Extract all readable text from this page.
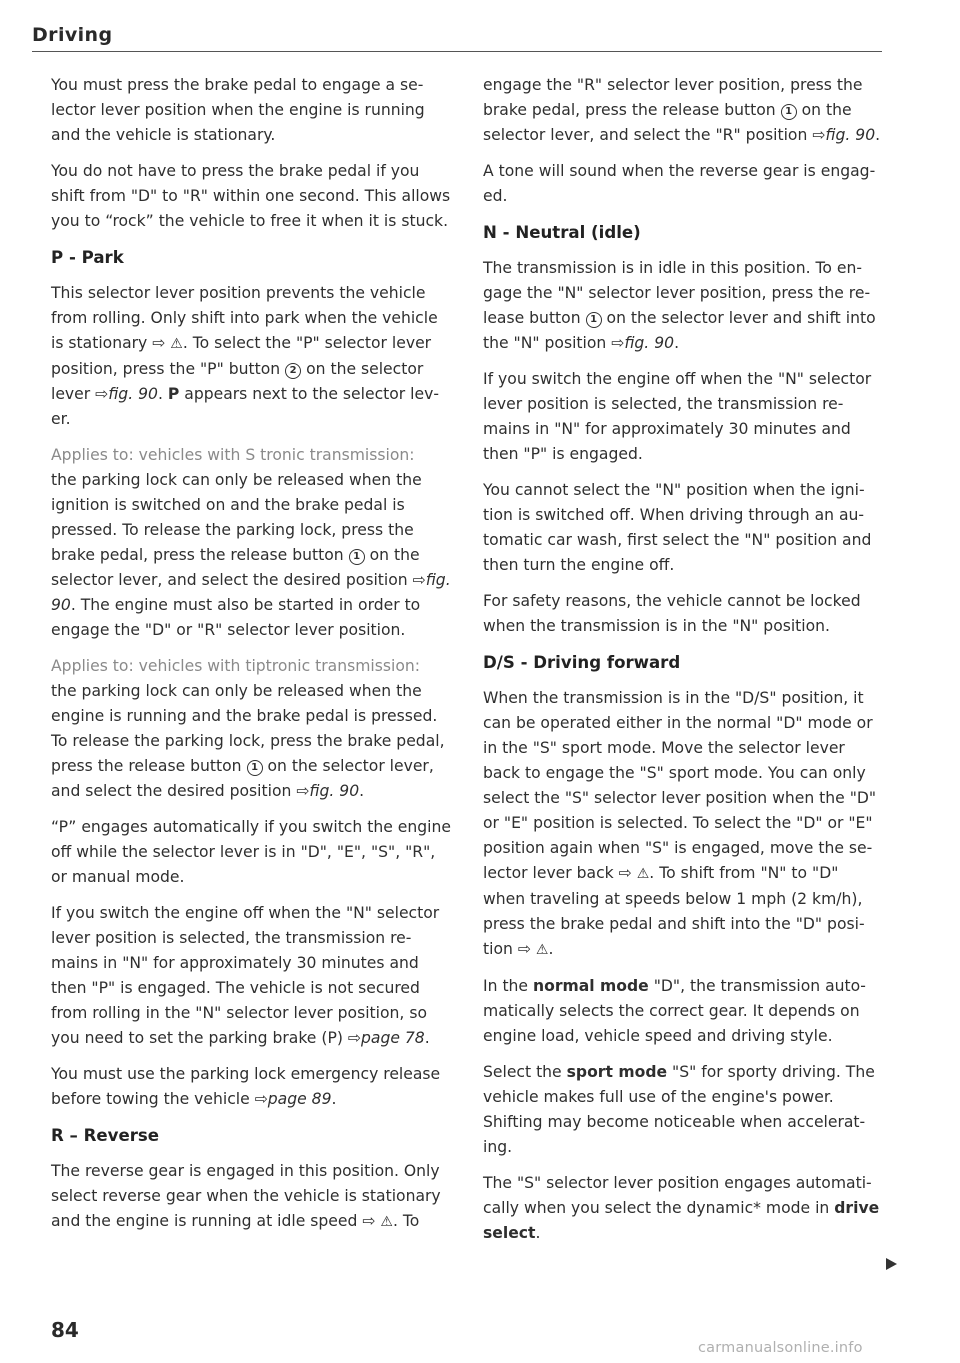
Driving

You must press the brake pedal to engage a selector lever position when the engine is running and the vehicle is stationary.

You do not have to press the brake pedal if you shift from "D" to "R" within one second. This allows you to “rock” the vehicle to free it when it is stuck.

P - Park

This selector lever position prevents the vehicle from rolling. Only shift into park when the vehicle is stationary ⇨ ⚠. To select the "P" selector lever position, press the "P" button 2 on the selector lever ⇨fig. 90. P appears next to the selector lever.

Applies to: vehicles with S tronic transmission:
the parking lock can only be released when the ignition is switched on and the brake pedal is pressed. To release the parking lock, press the brake pedal, press the release button 1 on the selector lever, and select the desired position ⇨fig. 90. The engine must also be started in order to engage the "D" or "R" selector lever position.

Applies to: vehicles with tiptronic transmission:
the parking lock can only be released when the engine is running and the brake pedal is pressed. To release the parking lock, press the brake pedal, press the release button 1 on the selector lever, and select the desired position ⇨fig. 90.

“P” engages automatically if you switch the engine off while the selector lever is in "D", "E", "S", "R", or manual mode.

If you switch the engine off when the "N" selector lever position is selected, the transmission remains in "N" for approximately 30 minutes and then "P" is engaged. The vehicle is not secured from rolling in the "N" selector lever position, so you need to set the parking brake (P) ⇨page 78.

You must use the parking lock emergency release before towing the vehicle ⇨page 89.

R – Reverse

The reverse gear is engaged in this position. Only select reverse gear when the vehicle is stationary and the engine is running at idle speed ⇨ ⚠. To

engage the "R" selector lever position, press the brake pedal, press the release button 1 on the selector lever, and select the "R" position ⇨fig. 90.

A tone will sound when the reverse gear is engaged.

N - Neutral (idle)

The transmission is in idle in this position. To engage the "N" selector lever position, press the release button 1 on the selector lever and shift into the "N" position ⇨fig. 90.

If you switch the engine off when the "N" selector lever position is selected, the transmission remains in "N" for approximately 30 minutes and then "P" is engaged.

You cannot select the "N" position when the ignition is switched off. When driving through an automatic car wash, first select the "N" position and then turn the engine off.

For safety reasons, the vehicle cannot be locked when the transmission is in the "N" position.

D/S - Driving forward

When the transmission is in the "D/S" position, it can be operated either in the normal "D" mode or in the "S" sport mode. Move the selector lever back to engage the "S" sport mode. You can only select the "S" selector lever position when the "D" or "E" position is selected. To select the "D" or "E" position again when "S" is engaged, move the selector lever back ⇨ ⚠. To shift from "N" to "D" when traveling at speeds below 1 mph (2 km/h), press the brake pedal and shift into the "D" position ⇨ ⚠.

In the normal mode "D", the transmission automatically selects the correct gear. It depends on engine load, vehicle speed and driving style.

Select the sport mode "S" for sporty driving. The vehicle makes full use of the engine's power. Shifting may become noticeable when accelerating.

The "S" selector lever position engages automatically when you select the dynamic* mode in drive select.

84
carmanualsonline.info
